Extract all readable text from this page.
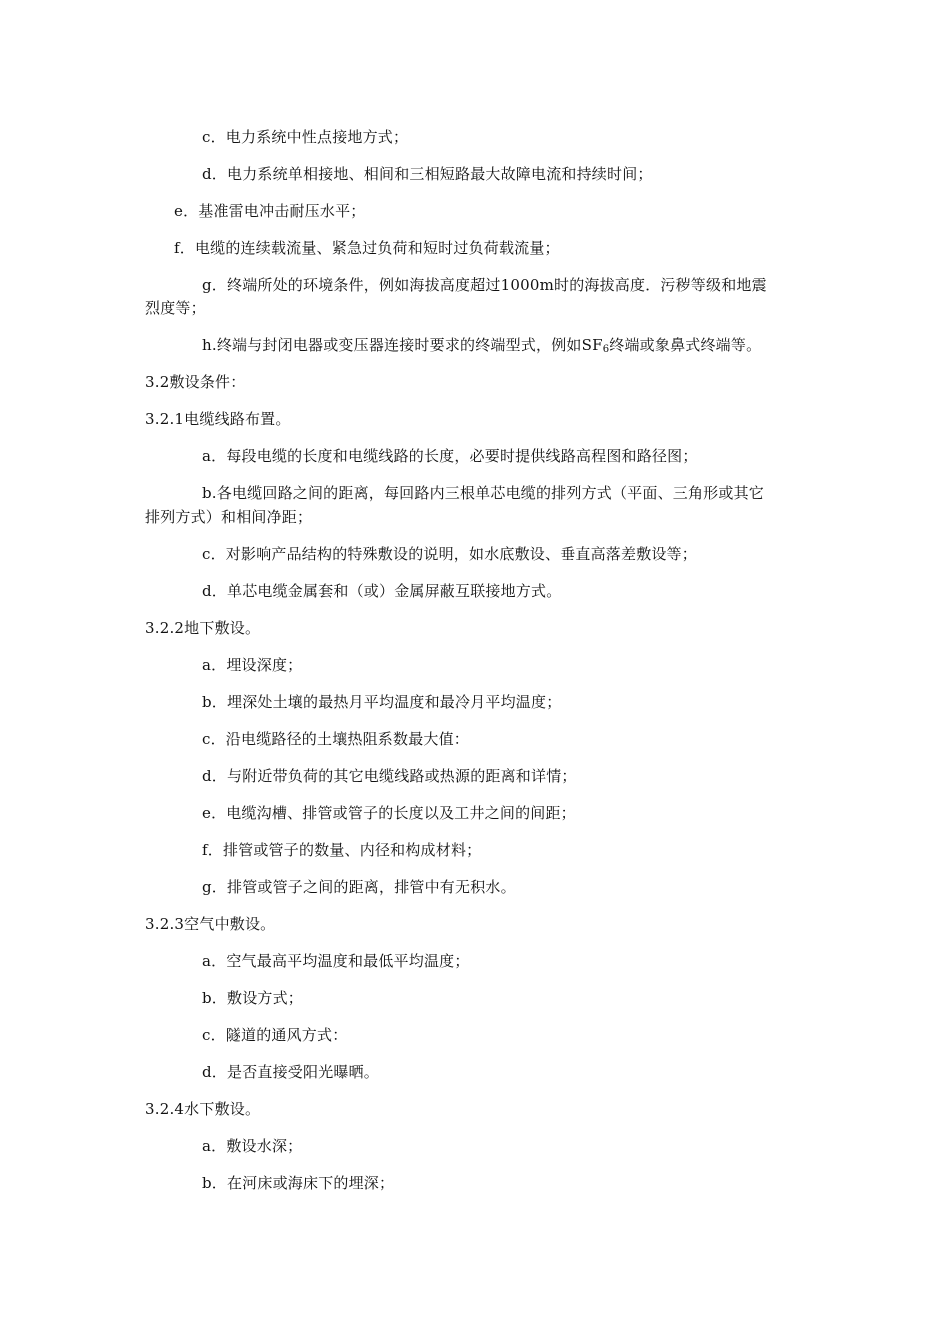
c．电力系统中性点接地方式；
d．电力系统单相接地、相间和三相短路最大故障电流和持续时间；
e．基准雷电冲击耐压水平；
f．电缆的连续载流量、紧急过负荷和短时过负荷载流量；
g．终端所处的环境条件，例如海拔高度超过1000m时的海拔高度．污秽等级和地震
烈度等；
h.终端与封闭电器或变压器连接时要求的终端型式，例如$SF_6$终端或象鼻式终端等。
3.2敷设条件：
3.2.1电缆线路布置。
a．每段电缆的长度和电缆线路的长度，必要时提供线路高程图和路径图；
b.各电缆回路之间的距离，每回路内三根单芯电缆的排列方式（平面、三角形或其它
排列方式）和相间净距；
c．对影响产品结构的特殊敷设的说明，如水底敷设、垂直高落差敷设等；
d．单芯电缆金属套和（或）金属屏蔽互联接地方式。
3.2.2地下敷设。
a．埋设深度；
b．埋深处土壤的最热月平均温度和最冷月平均温度；
c．沿电缆路径的土壤热阻系数最大值：
d．与附近带负荷的其它电缆线路或热源的距离和详情；
e．电缆沟槽、排管或管子的长度以及工井之间的间距；
f．排管或管子的数量、内径和构成材料；
g．排管或管子之间的距离，排管中有无积水。
3.2.3空气中敷设。
a．空气最高平均温度和最低平均温度；
b．敷设方式；
c．隧道的通风方式：
d．是否直接受阳光曝晒。
3.2.4水下敷设。
a．敷设水深；
b．在河床或海床下的埋深；
